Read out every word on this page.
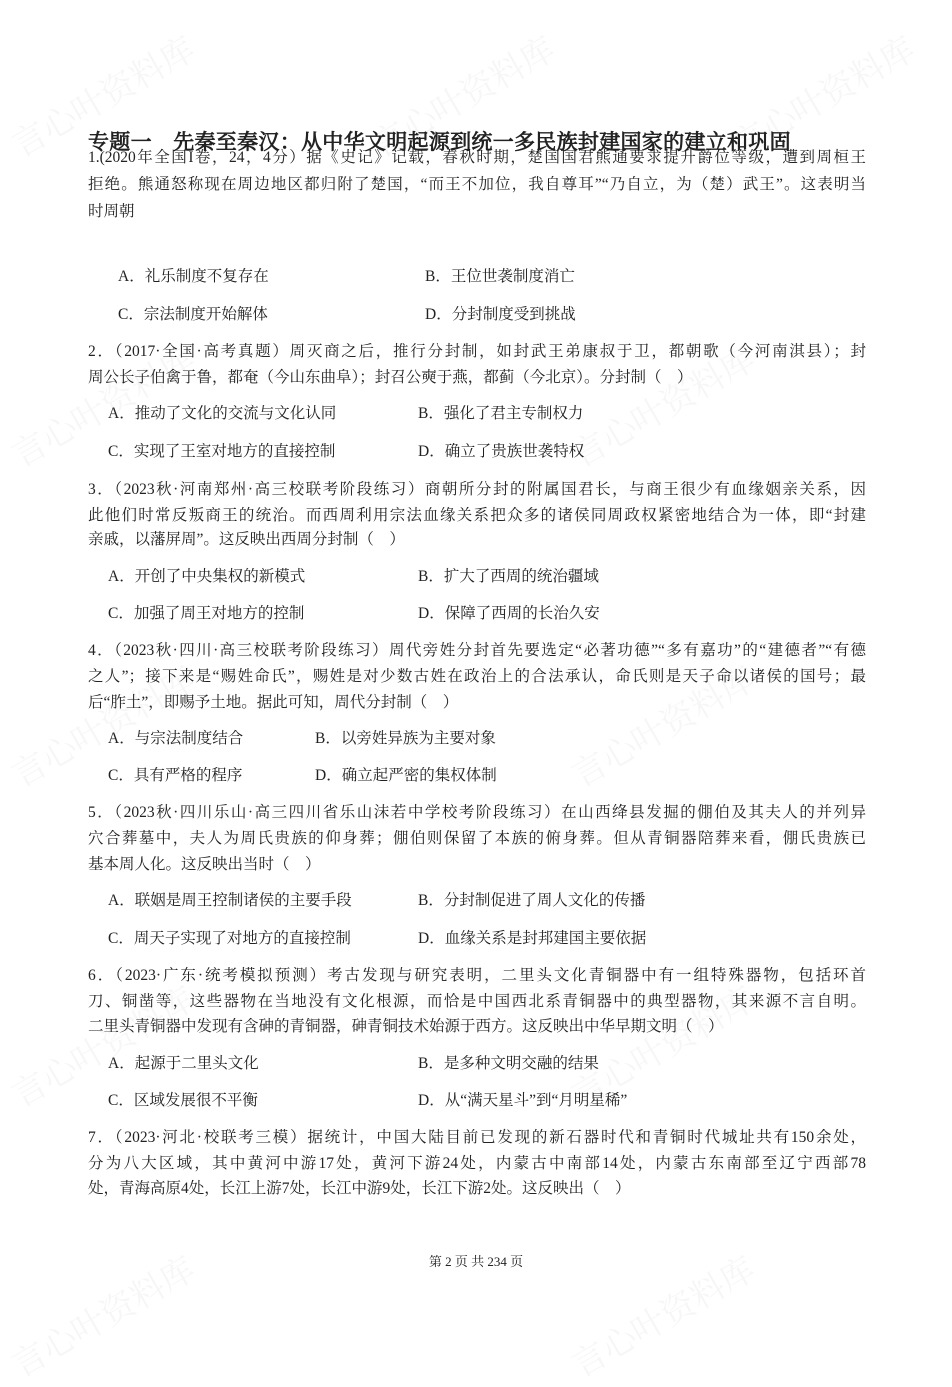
专题一　先秦至秦汉：从中华文明起源到统一多民族封建国家的建立和巩固
1.(2020年全国I卷，24，4分）据《史记》记载，春秋时期，楚国国君熊通要求提升爵位等级，遭到周桓王
拒绝。熊通怒称现在周边地区都归附了楚国，“而王不加位，我自尊耳”“乃自立，为（楚）武王”。这表明当
时周朝
A．礼乐制度不复存在	B．王位世袭制度消亡
C．宗法制度开始解体	D．分封制度受到挑战
2．（2017·全国·高考真题）周灭商之后，推行分封制，如封武王弟康叔于卫，都朝歌（今河南淇县）；封
周公长子伯禽于鲁，都奄（今山东曲阜）；封召公奭于燕，都蓟（今北京）。分封制（　）
A．推动了文化的交流与文化认同	B．强化了君主专制权力
C．实现了王室对地方的直接控制	D．确立了贵族世袭特权
3．（2023秋·河南郑州·高三校联考阶段练习）商朝所分封的附属国君长，与商王很少有血缘姻亲关系，因
此他们时常反叛商王的统治。而西周利用宗法血缘关系把众多的诸侯同周政权紧密地结合为一体，即“封建
亲戚，以藩屏周”。这反映出西周分封制（　）
A．开创了中央集权的新模式	B．扩大了西周的统治疆域
C．加强了周王对地方的控制	D．保障了西周的长治久安
4．（2023秋·四川·高三校联考阶段练习）周代旁姓分封首先要选定“必著功德”“多有嘉功”的“建德者”“有德
之人”；接下来是“赐姓命氏”，赐姓是对少数古姓在政治上的合法承认，命氏则是天子命以诸侯的国号；最
后“胙土”，即赐予土地。据此可知，周代分封制（　）
A．与宗法制度结合	B．以旁姓异族为主要对象
C．具有严格的程序	D．确立起严密的集权体制
5．（2023秋·四川乐山·高三四川省乐山沫若中学校考阶段练习）在山西绛县发掘的倗伯及其夫人的并列异
穴合葬墓中，夫人为周氏贵族的仰身葬；倗伯则保留了本族的俯身葬。但从青铜器陪葬来看，倗氏贵族已
基本周人化。这反映出当时（　）
A．联姻是周王控制诸侯的主要手段	B．分封制促进了周人文化的传播
C．周天子实现了对地方的直接控制	D．血缘关系是封邦建国主要依据
6．（2023·广东·统考模拟预测）考古发现与研究表明，二里头文化青铜器中有一组特殊器物，包括环首
刀、铜凿等，这些器物在当地没有文化根源，而恰是中国西北系青铜器中的典型器物，其来源不言自明。
二里头青铜器中发现有含砷的青铜器，砷青铜技术始源于西方。这反映出中华早期文明（　）
A．起源于二里头文化	B．是多种文明交融的结果
C．区域发展很不平衡	D．从“满天星斗”到“月明星稀”
7．（2023·河北·校联考三模）据统计，中国大陆目前已发现的新石器时代和青铜时代城址共有150余处，
分为八大区域，其中黄河中游17处，黄河下游24处，内蒙古中南部14处，内蒙古东南部至辽宁西部78
处，青海高原4处，长江上游7处，长江中游9处，长江下游2处。这反映出（　）
第 2 页 共 234 页
